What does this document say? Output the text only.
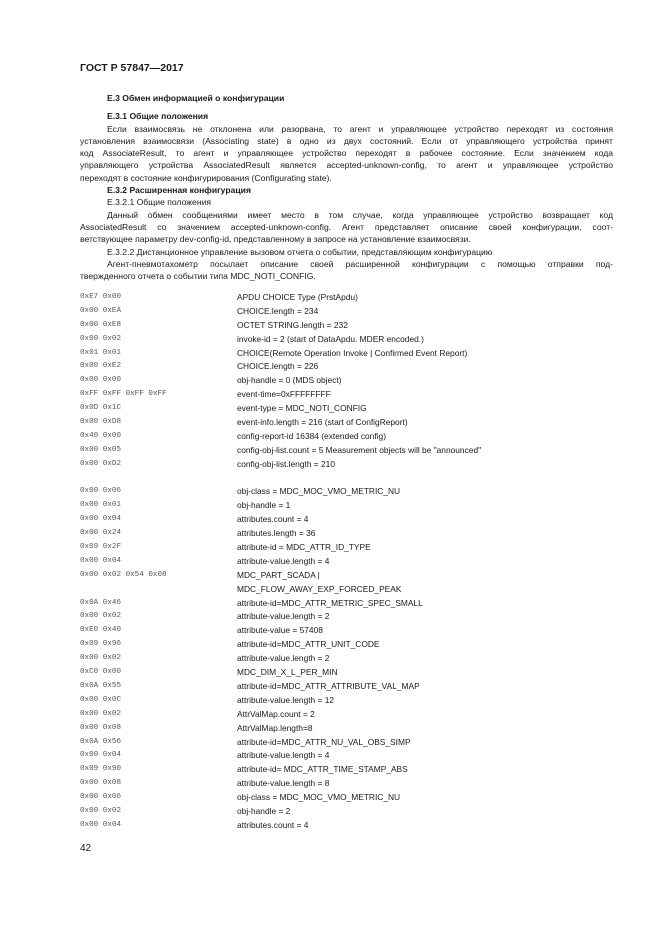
ГОСТ Р 57847—2017
Е.3 Обмен информацией о конфигурации
Е.3.1 Общие положения
Если взаимосвязь не отклонена или разорвана, то агент и управляющее устройство переходят из состояния
установления взаимосвязи (Associating state) в одно из двух состояний. Если от управляющего устройства принят
код AssociateResult, то агент и управляющее устройство переходят в рабочее состояние. Если значением кода
управляющего устройства AssociatedResult является accepted-unknown-config, то агент и управляющее устройство
переходят в состояние конфигурирования (Configurating state).
Е.3.2 Расширенная конфигурация
Е.3.2.1 Общие положения
Данный обмен сообщениями имеет место в том случае, когда управляющее устройство возвращает код
AssociatedResult со значением accepted-unknown-config. Агент представляет описание своей конфигурации, соот-
ветствующее параметру dev-config-id, представленному в запросе на установление взаимосвязи.
Е.3.2.2 Дистанционное управление вызовом отчета о событии, представляющим конфигурацию
Агент-пневмотахометр посылает описание своей расширенной конфигурации с помощью отправки под-
твержденного отчета о событии типа MDC_NOTI_CONFIG.
0xE7 0x00	APDU CHOICE Type (PrstApdu)
0x00 0xEA	CHOICE.length = 234
0x00 0xE8	OCTET STRING.length = 232
0x00 0x02	invoke-id = 2 (start of DataApdu. MDER encoded.)
0x01 0x01	CHOICE(Remote Operation Invoke | Confirmed Event Report)
0x00 0xE2	CHOICE.length = 226
0x00 0x00	obj-handle = 0 (MDS object)
0xFF 0xFF 0xFF 0xFF	event-time=0xFFFFFFFF
0x0D 0x1C	event-type = MDC_NOTI_CONFIG
0x00 0xD8	event-info.length = 216 (start of ConfigReport)
0x40 0x00	config-report-id 16384 (extended config)
0x00 0x05	config-obj-list.count = 5 Measurement objects will be "announced"
0x00 0xD2	config-obj-list.length = 210
0x00 0x06	obj-class = MDC_MOC_VMO_METRIC_NU
0x00 0x01	obj-handle = 1
0x00 0x04	attributes.count = 4
0x00 0x24	attributes.length = 36
0x09 0x2F	attribute-id = MDC_ATTR_ID_TYPE
0x00 0x04	attribute-value.length = 4
0x00 0x02 0x54 0x08	MDC_PART_SCADA |
MDC_FLOW_AWAY_EXP_FORCED_PEAK
0x0A 0x46	attribute-id=MDC_ATTR_METRIC_SPEC_SMALL
0x00 0x02	attribute-value.length = 2
0xE0 0x40	attribute-value = 57408
0x09 0x96	attribute-id=MDC_ATTR_UNIT_CODE
0x00 0x02	attribute-value.length = 2
0xC0 0x00	MDC_DIM_X_L_PER_MIN
0x0A 0x55	attribute-id=MDC_ATTR_ATTRIBUTE_VAL_MAP
0x00 0x0C	attribute-value.length = 12
0x00 0x02	AttrValMap.count = 2
0x00 0x08	AttrValMap.length=8
0x0A 0x56	attribute-id=MDC_ATTR_NU_VAL_OBS_SIMP
0x00 0x04	attribute-value.length = 4
0x09 0x90	attribute-id= MDC_ATTR_TIME_STAMP_ABS
0x00 0x08	attribute-value.length = 8
0x00 0x06	obj-class = MDC_MOC_VMO_METRIC_NU
0x00 0x02	obj-handle = 2
0x00 0x04	attributes.count = 4
42
